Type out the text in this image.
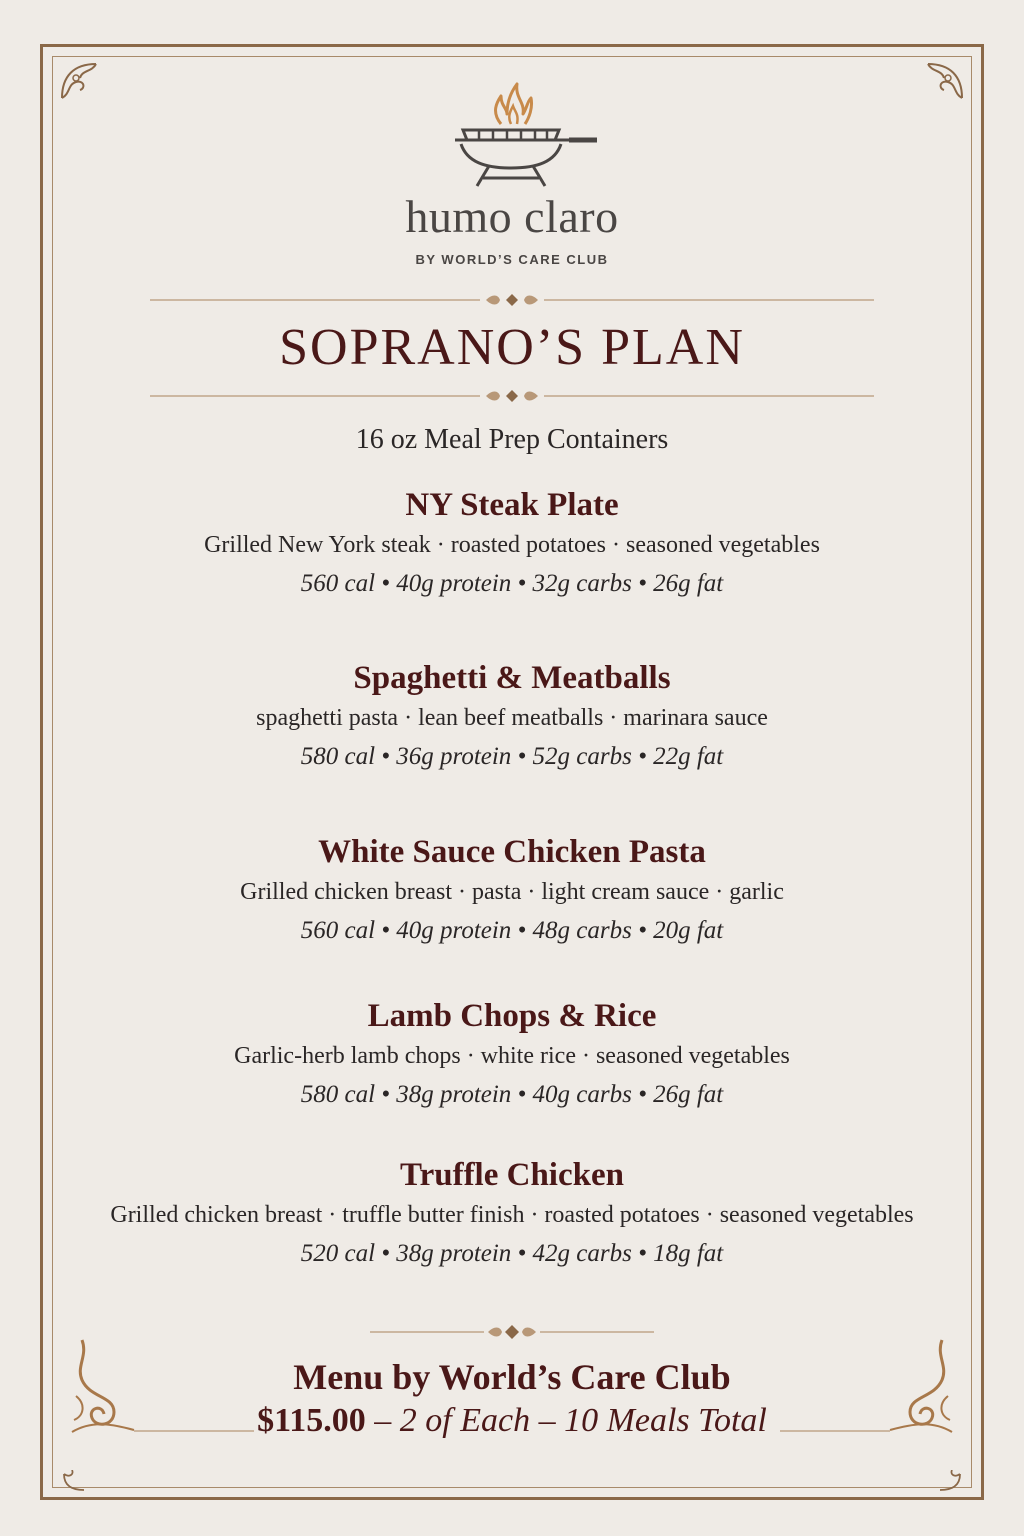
humo claro
BY WORLD’S CARE CLUB
SOPRANO’S PLAN
16 oz Meal Prep Containers
NY Steak Plate
Grilled New York steak · roasted potatoes · seasoned vegetables
560 cal • 40g protein • 32g carbs • 26g fat
Spaghetti & Meatballs
spaghetti pasta · lean beef meatballs · marinara sauce
580 cal • 36g protein • 52g carbs • 22g fat
White Sauce Chicken Pasta
Grilled chicken breast · pasta · light cream sauce · garlic
560 cal • 40g protein • 48g carbs • 20g fat
Lamb Chops & Rice
Garlic-herb lamb chops · white rice · seasoned vegetables
580 cal • 38g protein • 40g carbs • 26g fat
Truffle Chicken
Grilled chicken breast · truffle butter finish · roasted potatoes · seasoned vegetables
520 cal • 38g protein • 42g carbs • 18g fat
Menu by World’s Care Club
$115.00 – 2 of Each – 10 Meals Total
